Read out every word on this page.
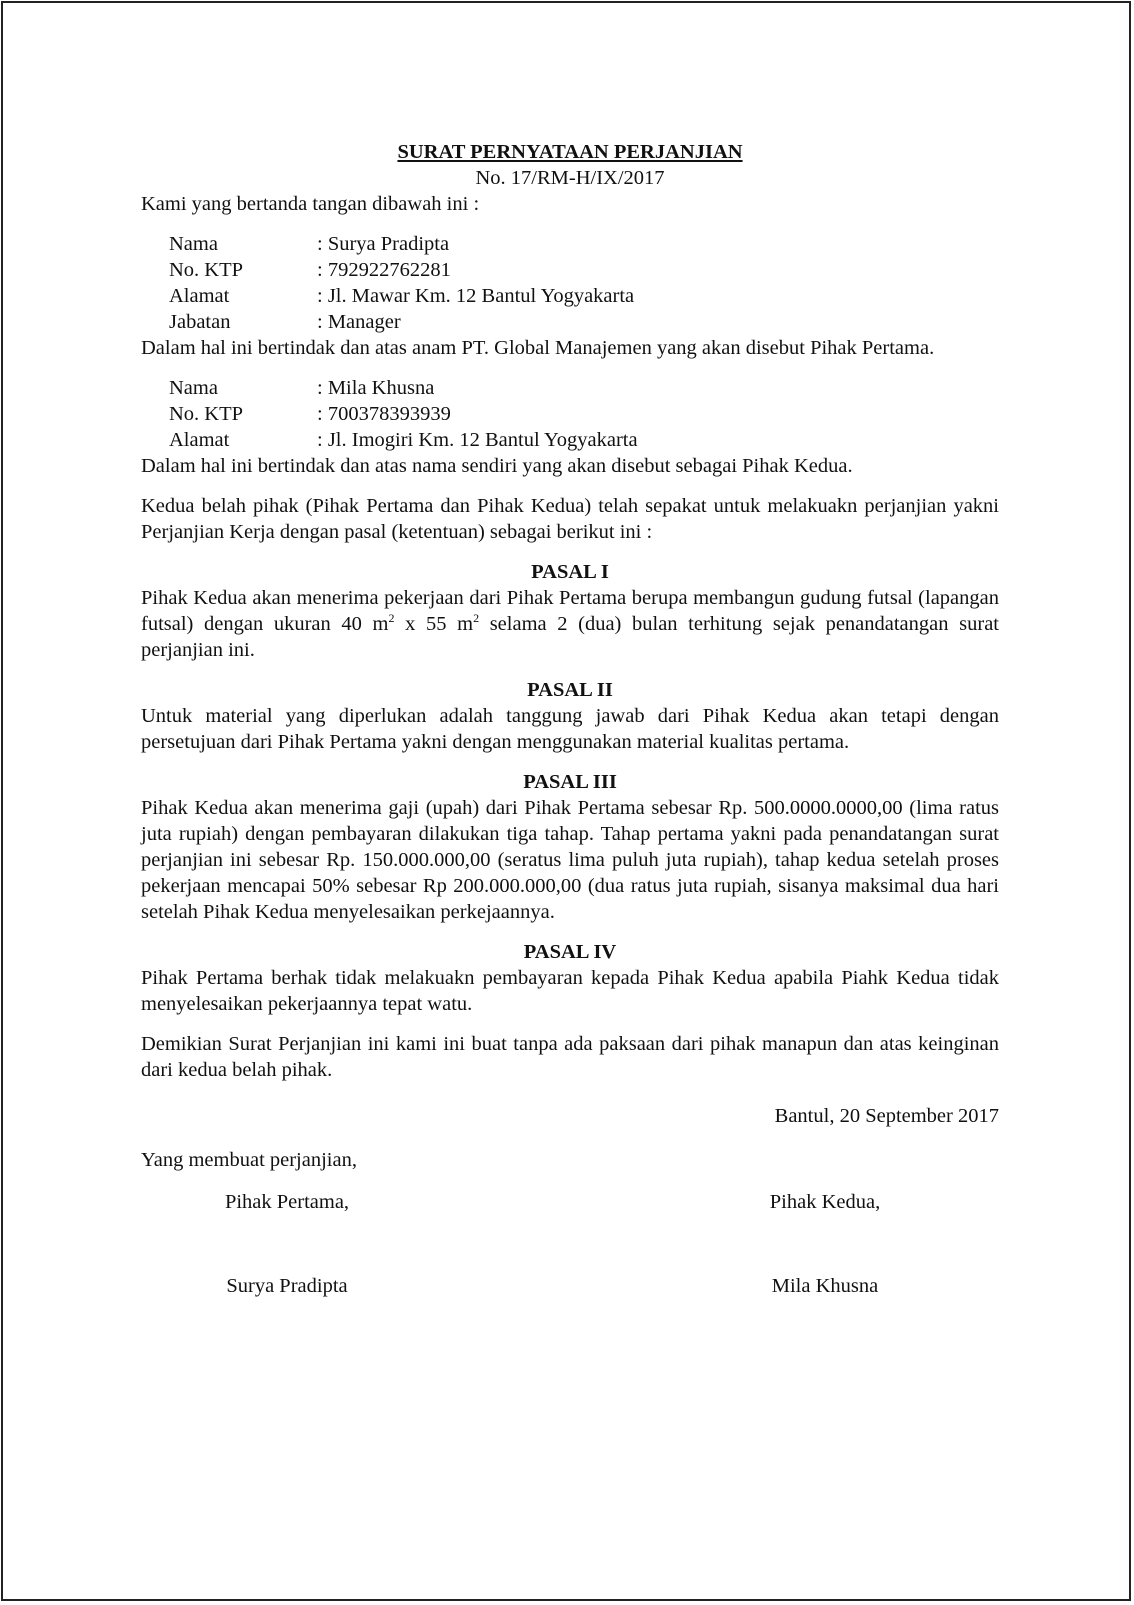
SURAT PERNYATAAN PERJANJIAN

No. 17/RM-H/IX/2017

Kami yang bertanda tangan dibawah ini :

Nama	: Surya Pradipta
No. KTP	: 792922762281
Alamat	: Jl. Mawar Km. 12 Bantul Yogyakarta
Jabatan	: Manager

Dalam hal ini bertindak dan atas anam PT. Global Manajemen yang akan disebut Pihak Pertama.

Nama	: Mila Khusna
No. KTP	: 700378393939
Alamat	: Jl. Imogiri Km. 12 Bantul Yogyakarta

Dalam hal ini bertindak dan atas nama sendiri yang akan disebut sebagai Pihak Kedua.

Kedua belah pihak (Pihak Pertama dan Pihak Kedua) telah sepakat untuk melakuakn perjanjian yakni Perjanjian Kerja dengan pasal (ketentuan) sebagai berikut ini :

PASAL I

Pihak Kedua akan menerima pekerjaan dari Pihak Pertama berupa membangun gudung futsal (lapangan futsal) dengan ukuran 40 $m^2$ x 55 $m^2$ selama 2 (dua) bulan terhitung sejak penandatangan surat perjanjian ini.

PASAL II

Untuk material yang diperlukan adalah tanggung jawab dari Pihak Kedua akan tetapi dengan persetujuan dari Pihak Pertama yakni dengan menggunakan material kualitas pertama.

PASAL III

Pihak Kedua akan menerima gaji (upah) dari Pihak Pertama sebesar Rp. 500.0000.0000,00 (lima ratus juta rupiah) dengan pembayaran dilakukan tiga tahap. Tahap pertama yakni pada penandatangan surat perjanjian ini sebesar Rp. 150.000.000,00 (seratus lima puluh juta rupiah), tahap kedua setelah proses pekerjaan mencapai 50% sebesar Rp 200.000.000,00 (dua ratus juta rupiah, sisanya maksimal dua hari setelah Pihak Kedua menyelesaikan perkejaannya.

PASAL IV

Pihak Pertama berhak tidak melakuakn pembayaran kepada Pihak Kedua apabila Piahk Kedua tidak menyelesaikan pekerjaannya tepat watu.

Demikian Surat Perjanjian ini kami ini buat tanpa ada paksaan dari pihak manapun dan atas keinginan dari kedua belah pihak.

Bantul, 20 September 2017

Yang membuat perjanjian,

Pihak Pertama,	Pihak Kedua,
Surya Pradipta	Mila Khusna
